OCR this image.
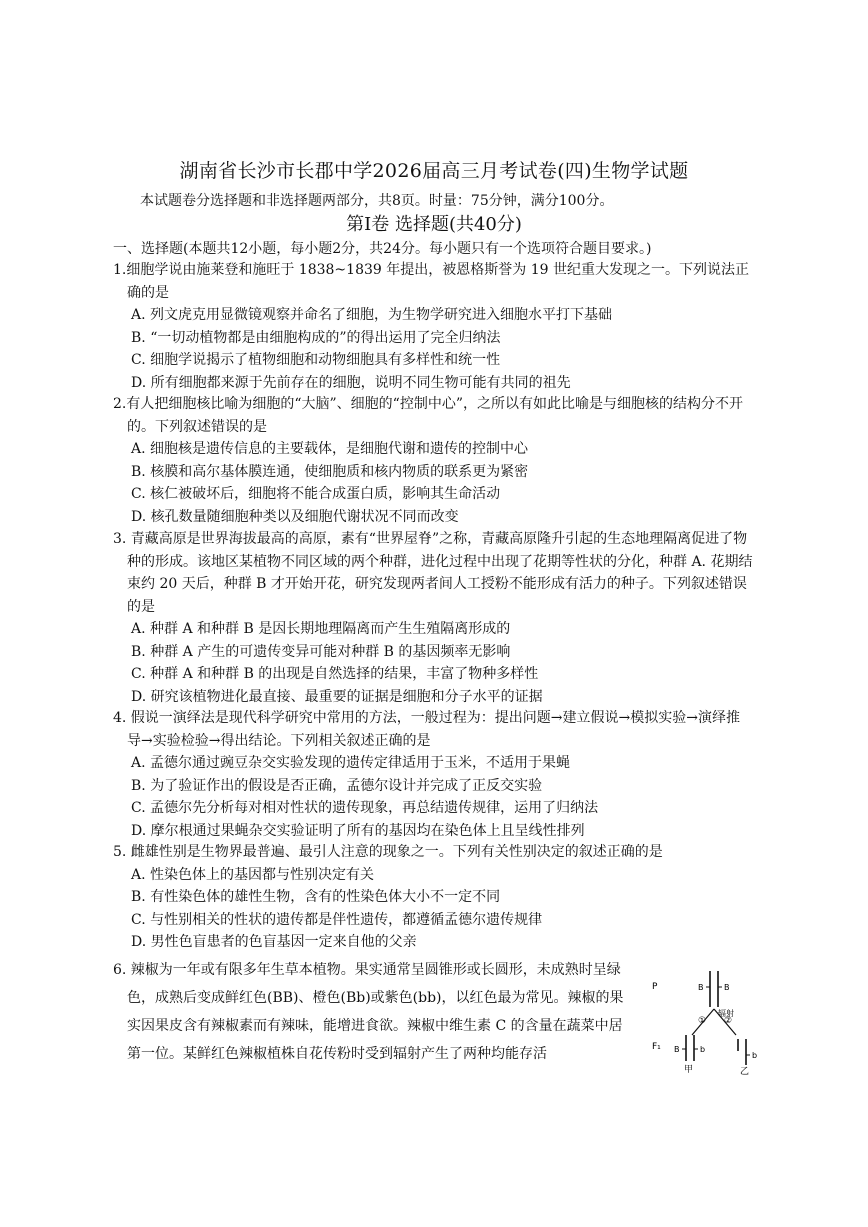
湖南省长沙市长郡中学2026届高三月考试卷(四)生物学试题
本试题卷分选择题和非选择题两部分，共8页。时量：75分钟，满分100分。
第Ⅰ卷 选择题(共40分)
一、选择题(本题共12小题，每小题2分，共24分。每小题只有一个选项符合题目要求。)
1.细胞学说由施莱登和施旺于 1838~1839 年提出，被恩格斯誉为 19 世纪重大发现之一。下列说法正确的是
A. 列文虎克用显微镜观察并命名了细胞，为生物学研究进入细胞水平打下基础
B. “一切动植物都是由细胞构成的”的得出运用了完全归纳法
C. 细胞学说揭示了植物细胞和动物细胞具有多样性和统一性
D. 所有细胞都来源于先前存在的细胞，说明不同生物可能有共同的祖先
2.有人把细胞核比喻为细胞的“大脑”、细胞的“控制中心”，之所以有如此比喻是与细胞核的结构分不开的。下列叙述错误的是
A. 细胞核是遗传信息的主要载体，是细胞代谢和遗传的控制中心
B. 核膜和高尔基体膜连通，使细胞质和核内物质的联系更为紧密
C. 核仁被破坏后，细胞将不能合成蛋白质，影响其生命活动
D. 核孔数量随细胞种类以及细胞代谢状况不同而改变
3. 青藏高原是世界海拔最高的高原，素有“世界屋脊”之称，青藏高原隆升引起的生态地理隔离促进了物种的形成。该地区某植物不同区域的两个种群，进化过程中出现了花期等性状的分化，种群 A. 花期结束约 20 天后，种群 B 才开始开花，研究发现两者间人工授粉不能形成有活力的种子。下列叙述错误的是
A. 种群 A 和种群 B 是因长期地理隔离而产生生殖隔离形成的
B. 种群 A 产生的可遗传变异可能对种群 B 的基因频率无影响
C. 种群 A 和种群 B 的出现是自然选择的结果，丰富了物种多样性
D. 研究该植物进化最直接、最重要的证据是细胞和分子水平的证据
4. 假说一演绎法是现代科学研究中常用的方法，一般过程为：提出问题→建立假说→模拟实验→演绎推导→实验检验→得出结论。下列相关叙述正确的是
A. 孟德尔通过豌豆杂交实验发现的遗传定律适用于玉米，不适用于果蝇
B. 为了验证作出的假设是否正确，孟德尔设计并完成了正反交实验
C. 孟德尔先分析每对相对性状的遗传现象，再总结遗传规律，运用了归纳法
D. 摩尔根通过果蝇杂交实验证明了所有的基因均在染色体上且呈线性排列
5. 雌雄性别是生物界最普遍、最引人注意的现象之一。下列有关性别决定的叙述正确的是
A. 性染色体上的基因都与性别决定有关
B. 有性染色体的雄性生物，含有的性染色体大小不一定不同
C. 与性别相关的性状的遗传都是伴性遗传，都遵循孟德尔遗传规律
D. 男性色盲患者的色盲基因一定来自他的父亲
6. 辣椒为一年或有限多年生草本植物。果实通常呈圆锥形或长圆形，未成熟时呈绿色，成熟后变成鲜红色(BB)、橙色(Bb)或紫色(bb)，以红色最为常见。辣椒的果实因果皮含有辣椒素而有辣味，能增进食欲。辣椒中维生素 C 的含量在蔬菜中居第一位。某鲜红色辣椒植株自花传粉时受到辐射产生了两种均能存活
P	B	B
辐射
① ②
F₁ B	b
甲
b
乙
